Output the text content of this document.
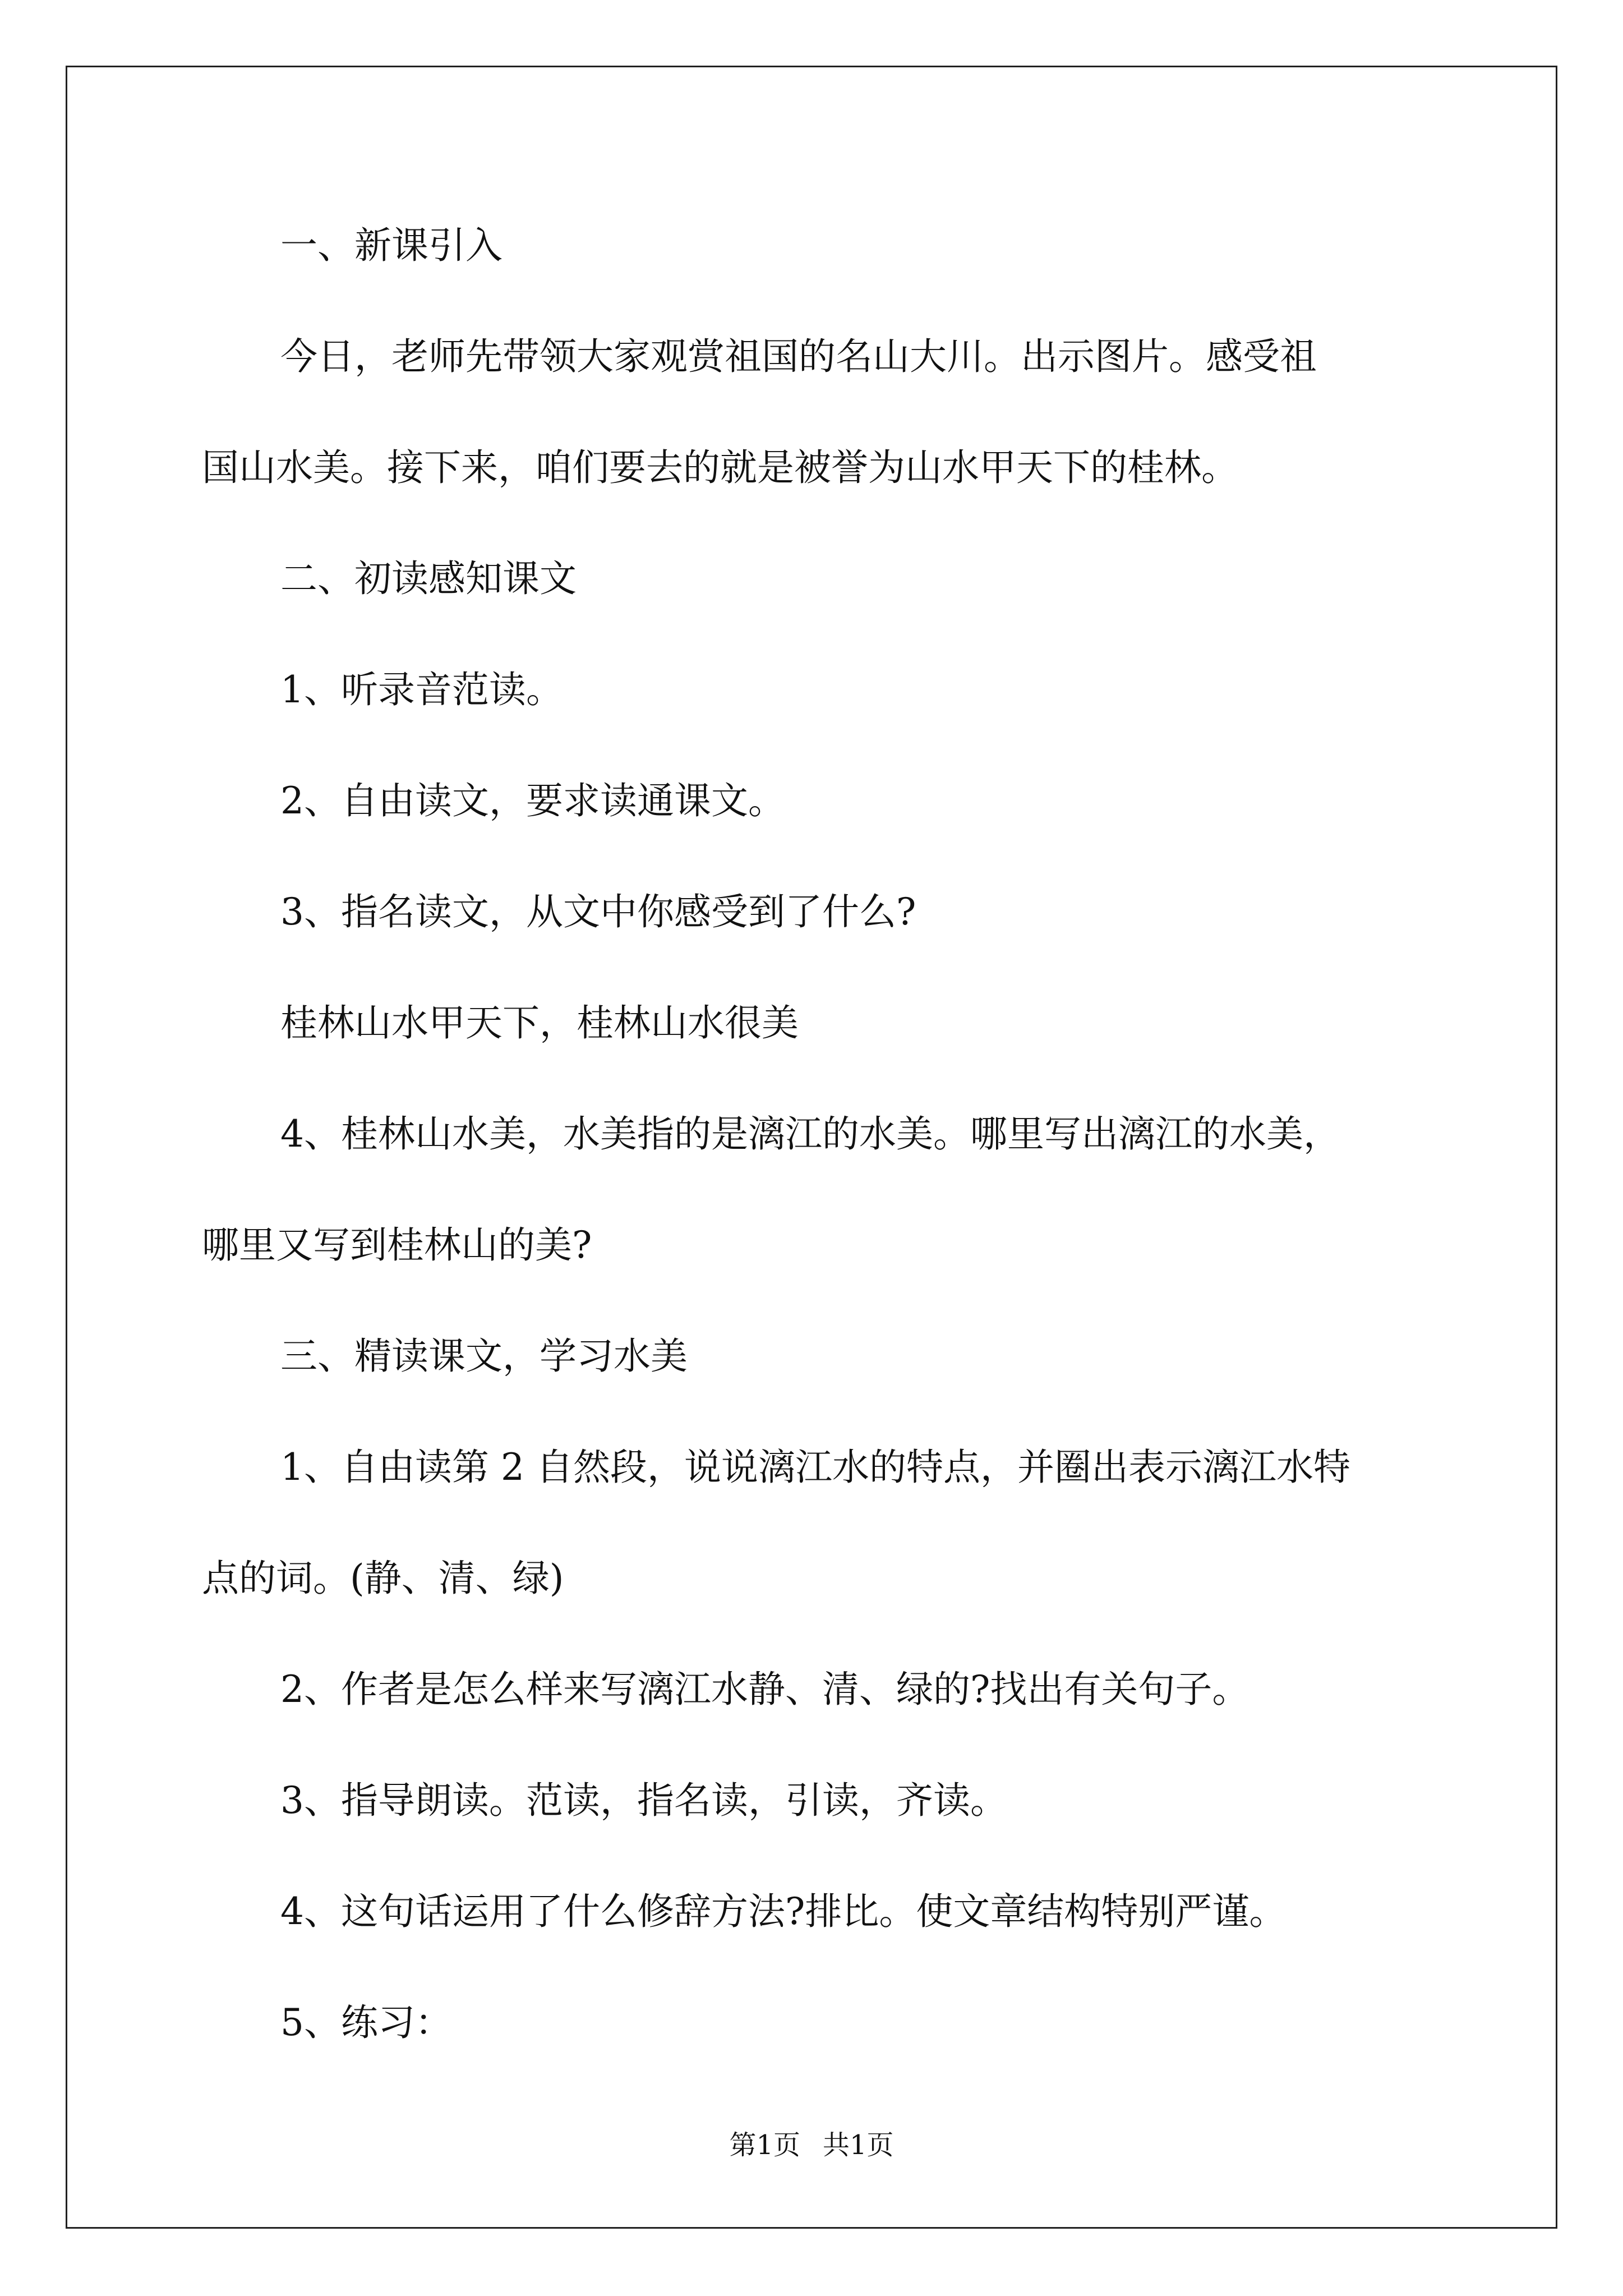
一、新课引入

今日，老师先带领大家观赏祖国的名山大川。出示图片。感受祖

国山水美。接下来，咱们要去的就是被誉为山水甲天下的桂林。

二、初读感知课文

1、听录音范读。

2、自由读文，要求读通课文。

3、指名读文，从文中你感受到了什么?

桂林山水甲天下，桂林山水很美

4、桂林山水美，水美指的是漓江的水美。哪里写出漓江的水美，

哪里又写到桂林山的美?

三、精读课文，学习水美

1、自由读第 2 自然段，说说漓江水的特点，并圈出表示漓江水特

点的词。(静、清、绿)

2、作者是怎么样来写漓江水静、清、绿的?找出有关句子。

3、指导朗读。范读，指名读，引读，齐读。

4、这句话运用了什么修辞方法?排比。使文章结构特别严谨。

5、练习：

第1页 共1页
